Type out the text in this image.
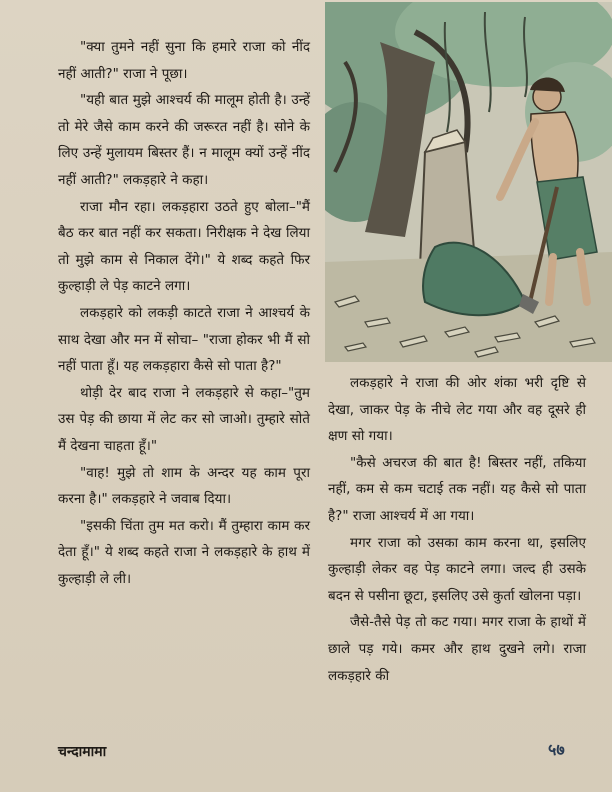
"क्या तुमने नहीं सुना कि हमारे राजा को नींद नहीं आती?" राजा ने पूछा।

"यही बात मुझे आश्चर्य की मालूम होती है। उन्हें तो मेरे जैसे काम करने की जरूरत नहीं है। सोने के लिए उन्हें मुलायम बिस्तर हैं। न मालूम क्यों उन्हें नींद नहीं आती?" लकड़हारे ने कहा।

राजा मौन रहा। लकड़हारा उठते हुए बोला–"मैं बैठ कर बात नहीं कर सकता। निरीक्षक ने देख लिया तो मुझे काम से निकाल देंगे।" ये शब्द कहते फिर कुल्हाड़ी ले पेड़ काटने लगा।

लकड़हारे को लकड़ी काटते राजा ने आश्चर्य के साथ देखा और मन में सोचा– "राजा होकर भी मैं सो नहीं पाता हूँ। यह लकड़हारा कैसे सो पाता है?"

थोड़ी देर बाद राजा ने लकड़हारे से कहा–"तुम उस पेड़ की छाया में लेट कर सो जाओ। तुम्हारे सोते मैं देखना चाहता हूँ।"

"वाह! मुझे तो शाम के अन्दर यह काम पूरा करना है।" लकड़हारे ने जवाब दिया।

"इसकी चिंता तुम मत करो। मैं तुम्हारा काम कर देता हूँ।" ये शब्द कहते राजा ने लकड़हारे के हाथ में कुल्हाड़ी ले ली।

लकड़हारे ने राजा की ओर शंका भरी दृष्टि से देखा, जाकर पेड़ के नीचे लेट गया और वह दूसरे ही क्षण सो गया।

"कैसे अचरज की बात है! बिस्तर नहीं, तकिया नहीं, कम से कम चटाई तक नहीं। यह कैसे सो पाता है?" राजा आश्चर्य में आ गया।

मगर राजा को उसका काम करना था, इसलिए कुल्हाड़ी लेकर वह पेड़ काटने लगा। जल्द ही उसके बदन से पसीना छूटा, इसलिए उसे कुर्ता खोलना पड़ा।

जैसे-तैसे पेड़ तो कट गया। मगर राजा के हाथों में छाले पड़ गये। कमर और हाथ दुखने लगे। राजा लकड़हारे की

चन्दामामा	५७
